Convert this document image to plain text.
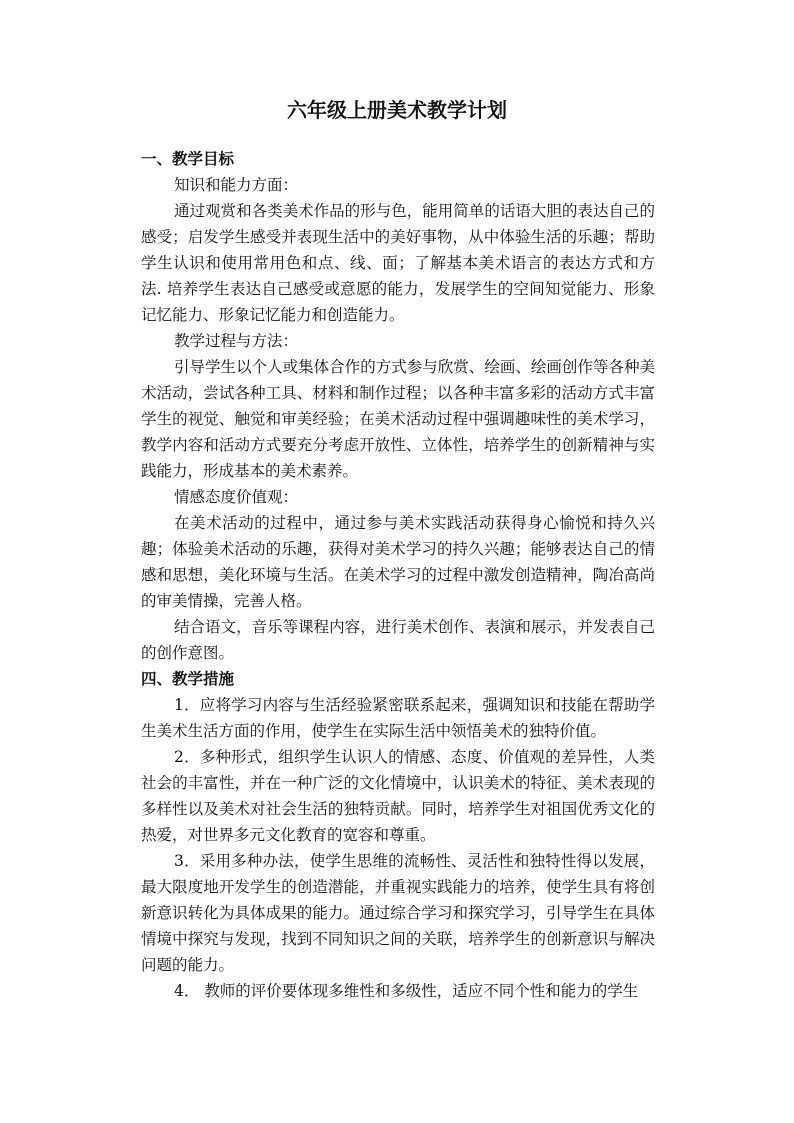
六年级上册美术教学计划

一、教学目标

知识和能力方面：

通过观赏和各类美术作品的形与色，能用简单的话语大胆的表达自己的感受；启发学生感受并表现生活中的美好事物，从中体验生活的乐趣；帮助学生认识和使用常用色和点、线、面；了解基本美术语言的表达方式和方法. 培养学生表达自己感受或意愿的能力，发展学生的空间知觉能力、形象记忆能力、形象记忆能力和创造能力。

教学过程与方法：

引导学生以个人或集体合作的方式参与欣赏、绘画、绘画创作等各种美术活动，尝试各种工具、材料和制作过程；以各种丰富多彩的活动方式丰富学生的视觉、触觉和审美经验；在美术活动过程中强调趣味性的美术学习，教学内容和活动方式要充分考虑开放性、立体性，培养学生的创新精神与实践能力，形成基本的美术素养。

情感态度价值观：

在美术活动的过程中，通过参与美术实践活动获得身心愉悦和持久兴趣；体验美术活动的乐趣，获得对美术学习的持久兴趣；能够表达自己的情感和思想，美化环境与生活。在美术学习的过程中激发创造精神，陶冶高尚的审美情操，完善人格。

结合语文，音乐等课程内容，进行美术创作、表演和展示，并发表自己的创作意图。

四、教学措施

1．应将学习内容与生活经验紧密联系起来，强调知识和技能在帮助学生美术生活方面的作用，使学生在实际生活中领悟美术的独特价值。

2．多种形式，组织学生认识人的情感、态度、价值观的差异性，人类社会的丰富性，并在一种广泛的文化情境中，认识美术的特征、美术表现的多样性以及美术对社会生活的独特贡献。同时，培养学生对祖国优秀文化的热爱，对世界多元文化教育的宽容和尊重。

3．采用多种办法，使学生思维的流畅性、灵活性和独特性得以发展，最大限度地开发学生的创造潜能，并重视实践能力的培养，使学生具有将创新意识转化为具体成果的能力。通过综合学习和探究学习，引导学生在具体情境中探究与发现，找到不同知识之间的关联，培养学生的创新意识与解决问题的能力。

4． 教师的评价要体现多维性和多级性，适应不同个性和能力的学生
